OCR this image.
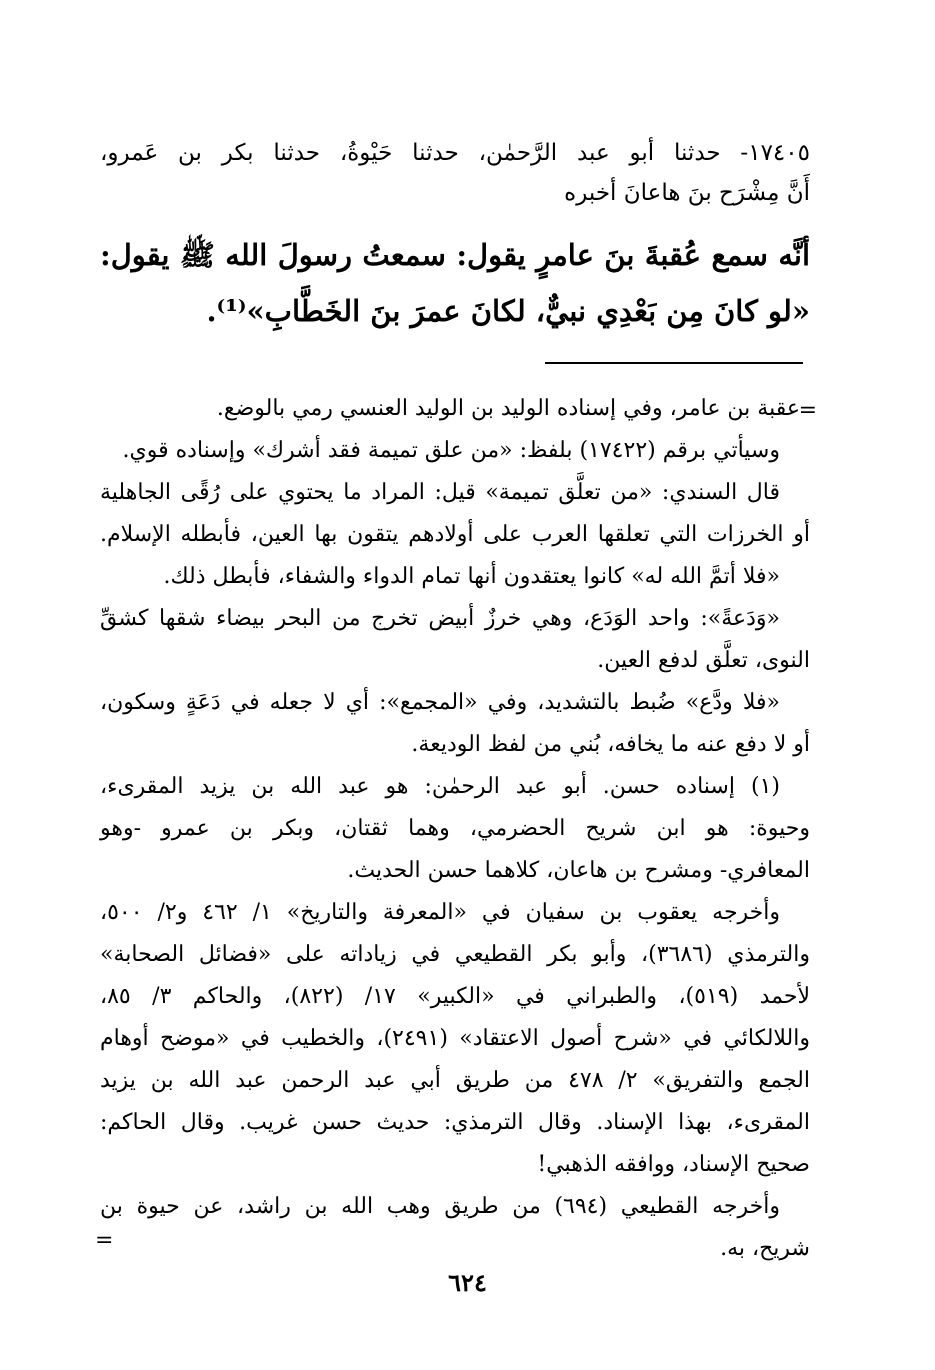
١٧٤٠٥- حدثنا أبو عبد الرَّحمٰن، حدثنا حَيْوةُ، حدثنا بكر بن عَمرو،
أَنَّ مِشْرَح بنَ هاعانَ أخبره
أنَّه سمع عُقبةَ بنَ عامرٍ يقول: سمعتُ رسولَ الله ﷺ يقول:
«لو كانَ مِن بَعْدِي نبيٌّ، لكانَ عمرَ بنَ الخَطَّابِ»⁽¹⁾.
=
عقبة بن عامر، وفي إسناده الوليد بن الوليد العنسي رمي بالوضع.
وسيأتي برقم (١٧٤٢٢) بلفظ: «من علق تميمة فقد أشرك» وإسناده قوي.
قال السندي: «من تعلَّق تميمة» قيل: المراد ما يحتوي على رُقًى الجاهلية
أو الخرزات التي تعلقها العرب على أولادهم يتقون بها العين، فأبطله الإسلام.
«فلا أتمَّ الله له» كانوا يعتقدون أنها تمام الدواء والشفاء، فأبطل ذلك.
«وَدَعةً»: واحد الوَدَع، وهي خرزٌ أبيض تخرج من البحر بيضاء شقها كشقِّ
النوى، تعلَّق لدفع العين.
«فلا ودَّع» ضُبط بالتشديد، وفي «المجمع»: أي لا جعله في دَعَةٍ وسكون،
أو لا دفع عنه ما يخافه، بُني من لفظ الوديعة.
(١) إسناده حسن. أبو عبد الرحمٰن: هو عبد الله بن يزيد المقرىء،
وحيوة: هو ابن شريح الحضرمي، وهما ثقتان، وبكر بن عمرو -وهو
المعافري- ومشرح بن هاعان، كلاهما حسن الحديث.
وأخرجه يعقوب بن سفيان في «المعرفة والتاريخ» ١/ ٤٦٢ و٢/ ٥٠٠،
والترمذي (٣٦٨٦)، وأبو بكر القطيعي في زياداته على «فضائل الصحابة»
لأحمد (٥١٩)، والطبراني في «الكبير» ١٧/ (٨٢٢)، والحاكم ٣/ ٨٥،
واللالكائي في «شرح أصول الاعتقاد» (٢٤٩١)، والخطيب في «موضح أوهام
الجمع والتفريق» ٢/ ٤٧٨ من طريق أبي عبد الرحمن عبد الله بن يزيد
المقرىء، بهذا الإسناد. وقال الترمذي: حديث حسن غريب. وقال الحاكم:
صحيح الإسناد، ووافقه الذهبي!
وأخرجه القطيعي (٦٩٤) من طريق وهب الله بن راشد، عن حيوة بن
شريح، به.
=
٦٢٤
